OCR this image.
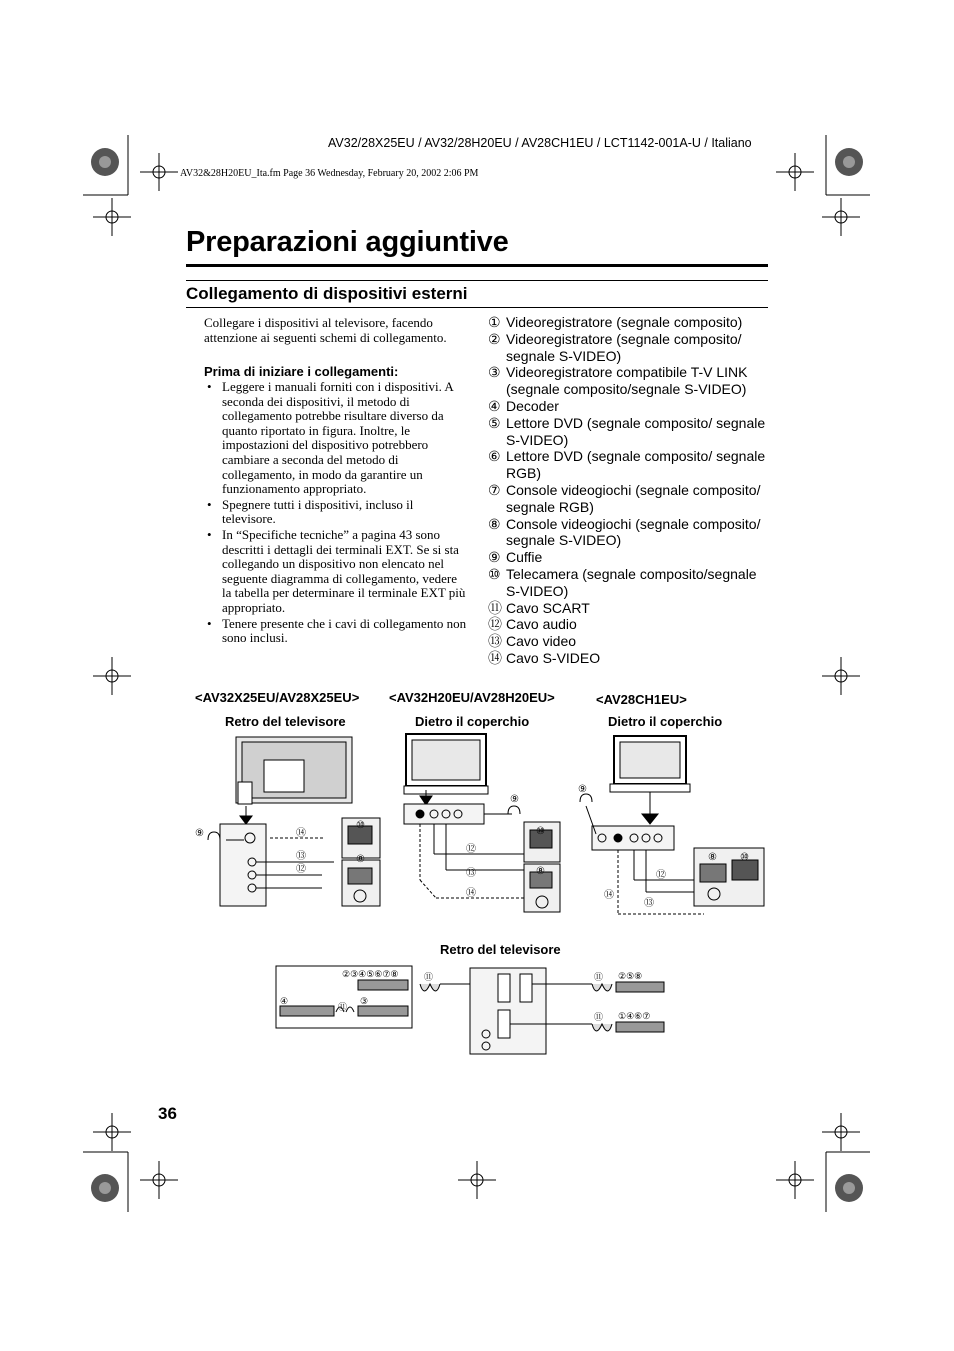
AV32/28X25EU / AV32/28H20EU / AV28CH1EU / LCT1142-001A-U / Italiano
AV32&28H20EU_Ita.fm Page 36 Wednesday, February 20, 2002 2:06 PM
Preparazioni aggiuntive
Collegamento di dispositivi esterni
Collegare i dispositivi al televisore, facendo attenzione ai seguenti schemi di collegamento.
Prima di iniziare i collegamenti:
• Leggere i manuali forniti con i dispositivi. A seconda dei dispositivi, il metodo di collegamento potrebbe risultare diverso da quanto riportato in figura. Inoltre, le impostazioni del dispositivo potrebbero cambiare a seconda del metodo di collegamento, in modo da garantire un funzionamento appropriato.
• Spegnere tutti i dispositivi, incluso il televisore.
• In “Specifiche tecniche” a pagina 43 sono descritti i dettagli dei terminali EXT. Se si sta collegando un dispositivo non elencato nel seguente diagramma di collegamento, vedere la tabella per determinare il terminale EXT più appropriato.
• Tenere presente che i cavi di collegamento non sono inclusi.
① Videoregistratore (segnale composito)
② Videoregistratore (segnale composito/ segnale S-VIDEO)
③ Videoregistratore compatibile T-V LINK (segnale composito/segnale S-VIDEO)
④ Decoder
⑤ Lettore DVD (segnale composito/ segnale S-VIDEO)
⑥ Lettore DVD (segnale composito/ segnale RGB)
⑦ Console videogiochi (segnale composito/ segnale RGB)
⑧ Console videogiochi (segnale composito/ segnale S-VIDEO)
⑨ Cuffie
⑩ Telecamera (segnale composito/segnale S-VIDEO)
⑪ Cavo SCART
⑫ Cavo audio
⑬ Cavo video
⑭ Cavo S-VIDEO
<AV32X25EU/AV28X25EU> <AV32H20EU/AV28H20EU>	<AV28CH1EU>
Retro del televisore	Dietro il coperchio	Dietro il coperchio
⑨	⑭
⑬
⑫
⑩
⑧
⑨
⑩
⑫
⑬
⑭
⑧
⑨
⑧ ⑩
⑫
⑭
⑬
Retro del televisore
②③④⑤⑥⑦⑧
④	③
⑪
⑪	⑪
⑪
②⑤⑧
①④⑥⑦
36
